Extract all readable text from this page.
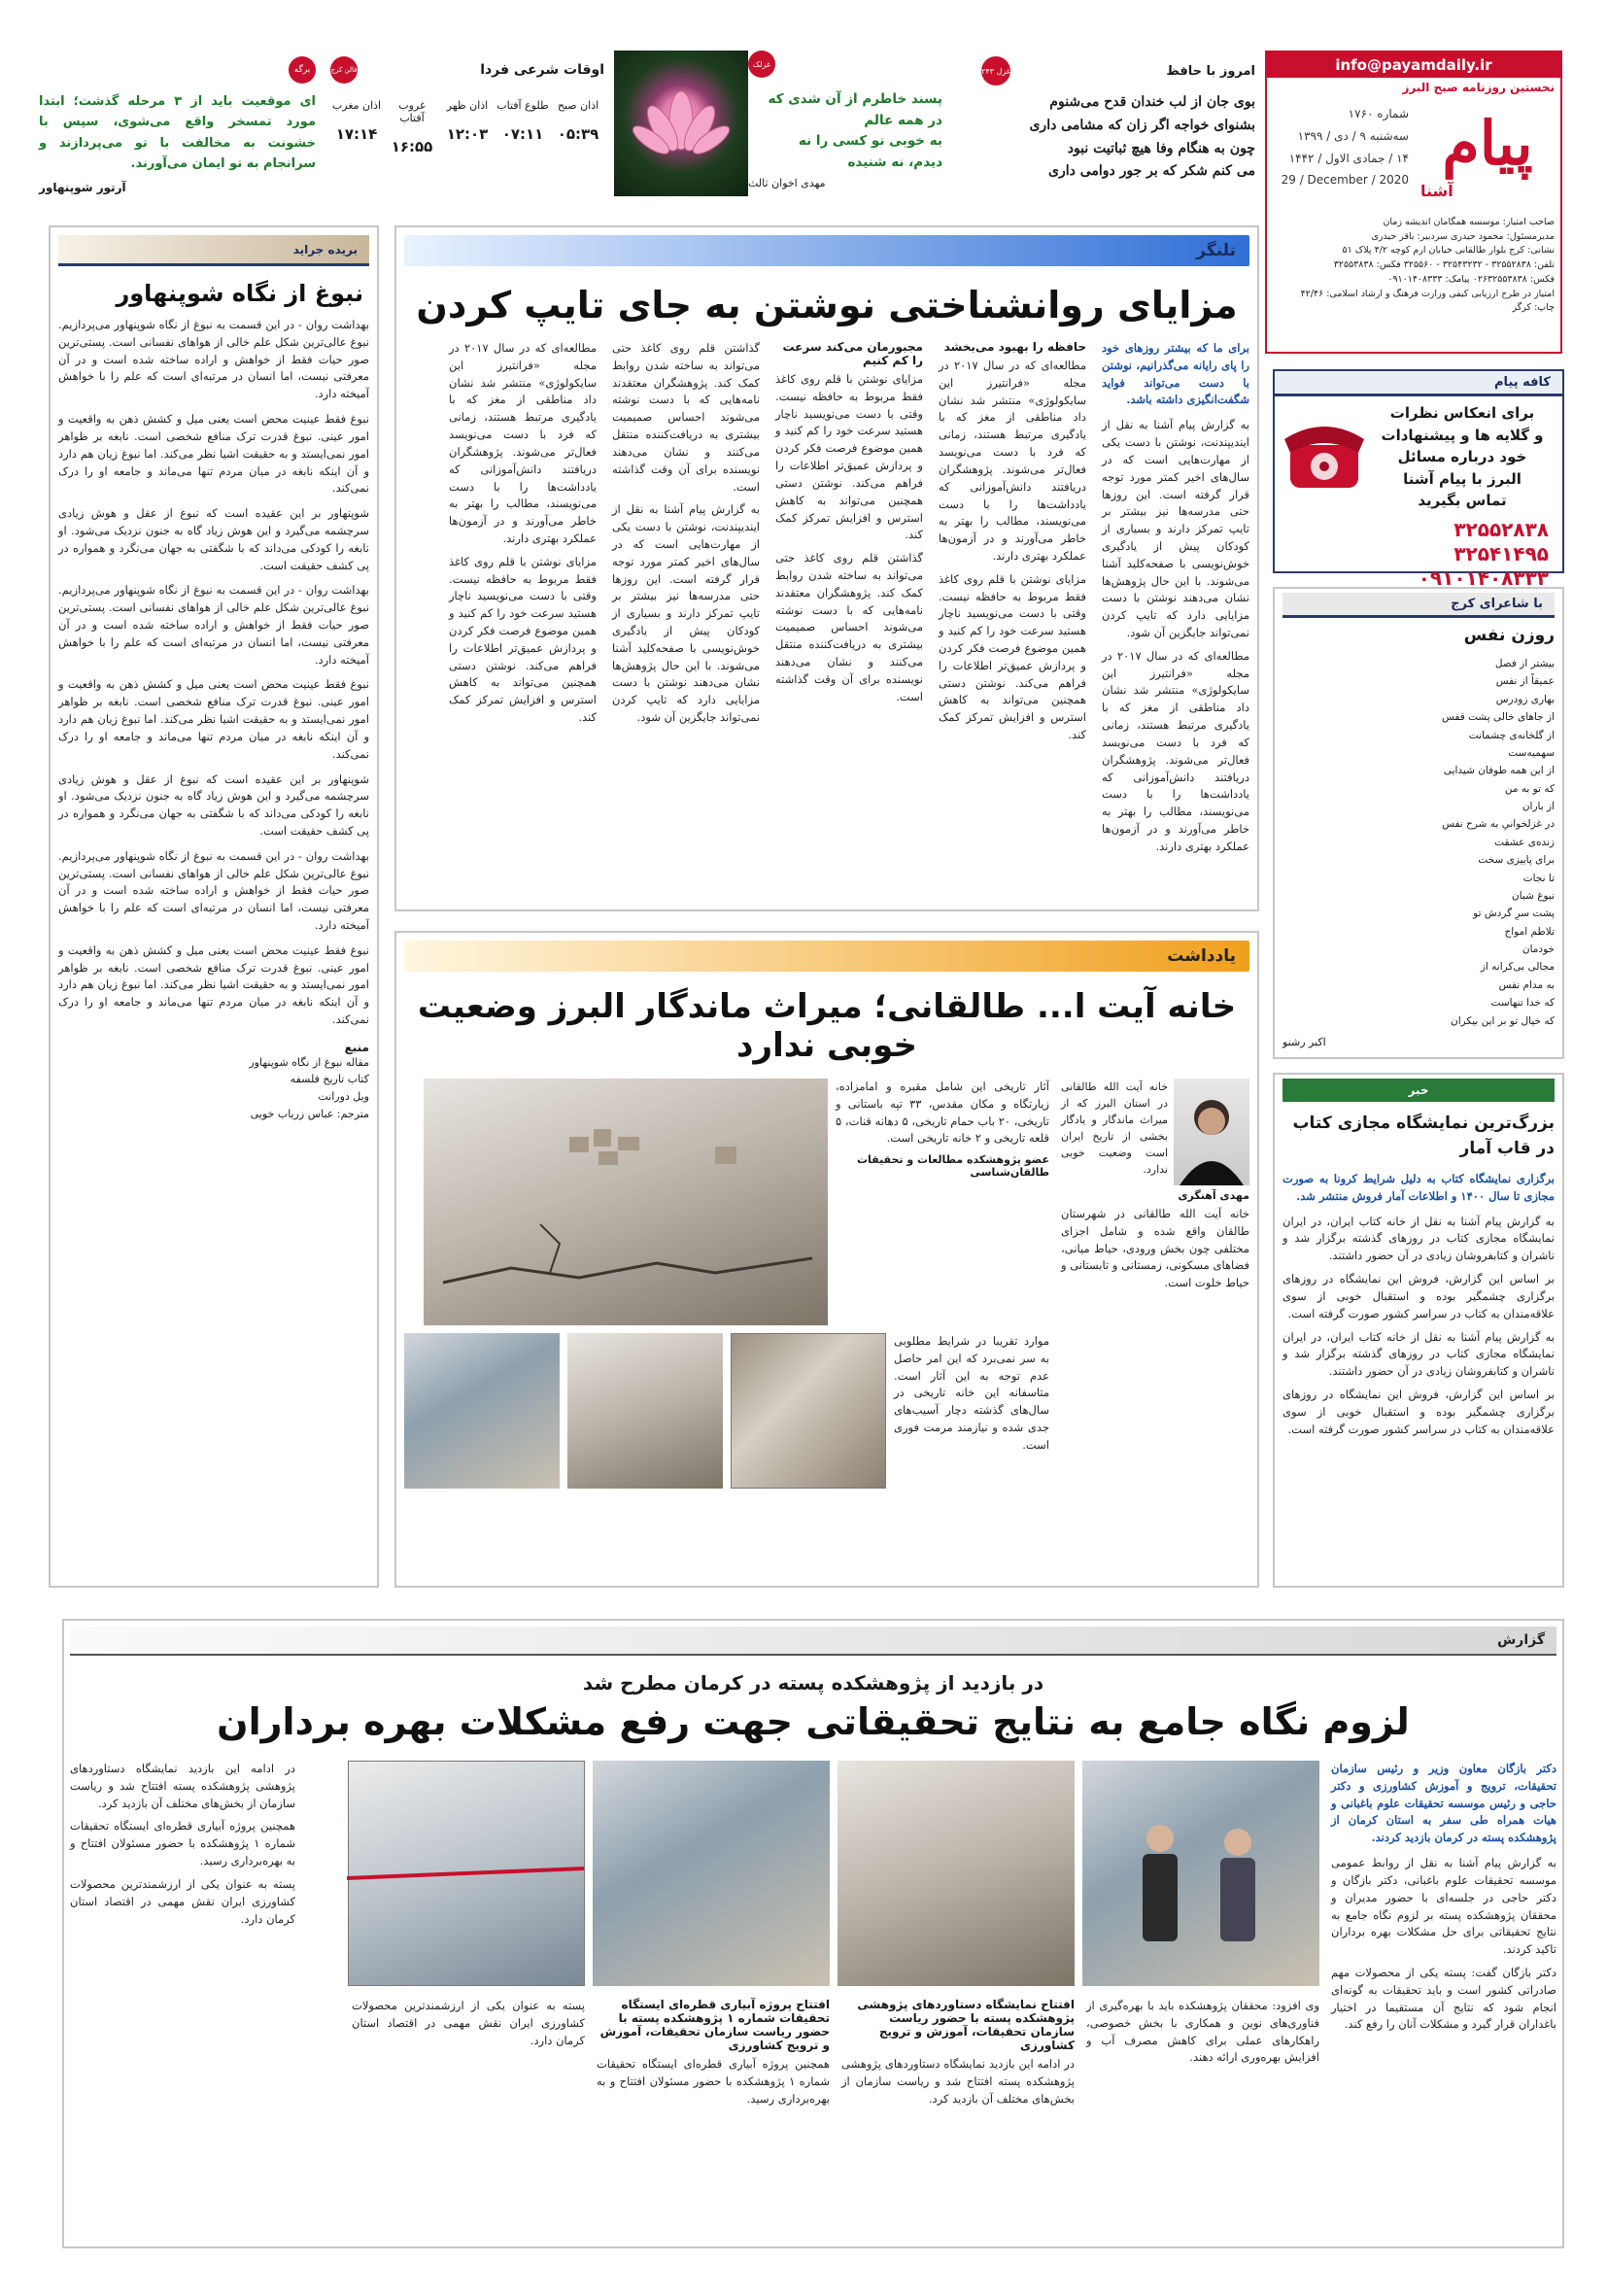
info@payamdaily.ir
نخستین روزنامه صبح البرز
پیام
آشنا
شماره ۱۷۶۰
سه‌شنبه ۹ / دی / ۱۳۹۹
۱۴ / جمادی الاول / ۱۴۴۲
29 / December / 2020
صاحب امتیاز: موسسه همگامان اندیشه زمان
مدیرمسئول: محمود حیدری سردبیر: باقر حیدری
نشانی: کرج بلوار طالقانی خیابان ارم کوچه ۴/۲ پلاک ۵۱
تلفن: ۳۲۵۵۲۸۳۸ - ۳۲۵۴۳۲۳۲ - ۳۲۵۵۶۰ فکس: ۳۲۵۵۳۸۳۸
فکس: ۰۲۶۳۲۵۵۳۸۳۸ پیامک: ۰۹۱۰۱۴۰۸۳۳۳
امتیاز در طرح ارزیابی کیفی وزارت فرهنگ و ارشاد اسلامی: ۴۲/۴۶
چاپ: کرگر
امروز با حافظ
غزل ۲۴۳
بوی جان از لب خندان قدح می‌شنوم
بشنوای خواجه اگر زان که مشامی داری
چون به هنگام وفا هیچ ثباتیت نبود
می کنم شکر که بر جور دوامی داری
غزلک
پسند خاطرم از آن شدی که
در همه عالم
به خوبی تو کسی را نه
دیدم، نه شنیده
مهدی اخوان ثالث
اوقات شرعی فردا
فالن کرج
اذان صبح
۰۵:۳۹
طلوع آفتاب
۰۷:۱۱
اذان ظهر
۱۲:۰۳
غروب آفتاب
۱۶:۵۵
اذان مغرب
۱۷:۱۴
برگه
ای موقعیت باید از ۳ مرحله گذشت؛ ابتدا مورد تمسخر واقع می‌شوی، سپس با خشونت به مخالفت با تو می‌پردازند و سرانجام به تو ایمان می‌آورند.
آرتور شوپنهاور
تلنگر
مزایای روانشناختی نوشتن به جای تایپ کردن

برای ما که بیشتر روزهای خود را پای رایانه می‌گذرانیم، نوشتن با دست می‌تواند فواید شگفت‌انگیزی داشته باشد.

به گزارش پیام آشنا به نقل از ایندیپندنت، نوشتن با دست یکی از مهارت‌هایی است که در سال‌های اخیر کمتر مورد توجه قرار گرفته است. این روزها حتی مدرسه‌ها نیز بیشتر بر تایپ تمرکز دارند و بسیاری از کودکان پیش از یادگیری خوش‌نویسی با صفحه‌کلید آشنا می‌شوند. با این حال پژوهش‌ها نشان می‌دهند نوشتن با دست مزایایی دارد که تایپ کردن نمی‌تواند جایگزین آن شود.

مطالعه‌ای که در سال ۲۰۱۷ در مجله «فرانتیرز این سایکولوژی» منتشر شد نشان داد مناطقی از مغز که با یادگیری مرتبط هستند، زمانی که فرد با دست می‌نویسد فعال‌تر می‌شوند. پژوهشگران دریافتند دانش‌آموزانی که یادداشت‌ها را با دست می‌نویسند، مطالب را بهتر به خاطر می‌آورند و در آزمون‌ها عملکرد بهتری دارند.

حافظه را بهبود می‌بخشد

مطالعه‌ای که در سال ۲۰۱۷ در مجله «فرانتیرز این سایکولوژی» منتشر شد نشان داد مناطقی از مغز که با یادگیری مرتبط هستند، زمانی که فرد با دست می‌نویسد فعال‌تر می‌شوند. پژوهشگران دریافتند دانش‌آموزانی که یادداشت‌ها را با دست می‌نویسند، مطالب را بهتر به خاطر می‌آورند و در آزمون‌ها عملکرد بهتری دارند.

مزایای نوشتن با قلم روی کاغذ فقط مربوط به حافظه نیست. وقتی با دست می‌نویسید ناچار هستید سرعت خود را کم کنید و همین موضوع فرصت فکر کردن و پردازش عمیق‌تر اطلاعات را فراهم می‌کند. نوشتن دستی همچنین می‌تواند به کاهش استرس و افزایش تمرکز کمک کند.

مجبورمان می‌کند سرعت را کم کنیم

مزایای نوشتن با قلم روی کاغذ فقط مربوط به حافظه نیست. وقتی با دست می‌نویسید ناچار هستید سرعت خود را کم کنید و همین موضوع فرصت فکر کردن و پردازش عمیق‌تر اطلاعات را فراهم می‌کند. نوشتن دستی همچنین می‌تواند به کاهش استرس و افزایش تمرکز کمک کند.

گذاشتن قلم روی کاغذ حتی می‌تواند به ساخته شدن روابط کمک کند. پژوهشگران معتقدند نامه‌هایی که با دست نوشته می‌شوند احساس صمیمیت بیشتری به دریافت‌کننده منتقل می‌کنند و نشان می‌دهند نویسنده برای آن وقت گذاشته است.

گذاشتن قلم روی کاغذ حتی می‌تواند به ساخته شدن روابط کمک کند. پژوهشگران معتقدند نامه‌هایی که با دست نوشته می‌شوند احساس صمیمیت بیشتری به دریافت‌کننده منتقل می‌کنند و نشان می‌دهند نویسنده برای آن وقت گذاشته است.

به گزارش پیام آشنا به نقل از ایندیپندنت، نوشتن با دست یکی از مهارت‌هایی است که در سال‌های اخیر کمتر مورد توجه قرار گرفته است. این روزها حتی مدرسه‌ها نیز بیشتر بر تایپ تمرکز دارند و بسیاری از کودکان پیش از یادگیری خوش‌نویسی با صفحه‌کلید آشنا می‌شوند. با این حال پژوهش‌ها نشان می‌دهند نوشتن با دست مزایایی دارد که تایپ کردن نمی‌تواند جایگزین آن شود.

مطالعه‌ای که در سال ۲۰۱۷ در مجله «فرانتیرز این سایکولوژی» منتشر شد نشان داد مناطقی از مغز که با یادگیری مرتبط هستند، زمانی که فرد با دست می‌نویسد فعال‌تر می‌شوند. پژوهشگران دریافتند دانش‌آموزانی که یادداشت‌ها را با دست می‌نویسند، مطالب را بهتر به خاطر می‌آورند و در آزمون‌ها عملکرد بهتری دارند.

مزایای نوشتن با قلم روی کاغذ فقط مربوط به حافظه نیست. وقتی با دست می‌نویسید ناچار هستید سرعت خود را کم کنید و همین موضوع فرصت فکر کردن و پردازش عمیق‌تر اطلاعات را فراهم می‌کند. نوشتن دستی همچنین می‌تواند به کاهش استرس و افزایش تمرکز کمک کند.

یادداشت
خانه آیت ا... طالقانی؛ میراث ماندگار البرز وضعیت خوبی ندارد

خانه آیت الله طالقانی در استان البرز که از میراث ماندگار و یادگار بخشی از تاریخ ایران است وضعیت خوبی ندارد.

مهدی آهنگری

خانه آیت الله طالقانی در شهرستان طالقان واقع شده و شامل اجزای مختلفی چون بخش ورودی، حیاط میانی، فضاهای مسکونی، زمستانی و تابستانی و حیاط خلوت است.

آثار تاریخی این شامل مقبره و امامزاده، زیارتگاه و مکان مقدس، ۳۳ تپه باستانی و تاریخی، ۲۰ باب حمام تاریخی، ۵ دهانه قنات، ۵ قلعه تاریخی و ۲ خانه تاریخی است.

عضو پژوهشکده مطالعات و تحقیقات طالقان‌شناسی

موارد تقریبا در شرایط مطلوبی به سر نمی‌برد که این امر حاصل عدم توجه به این آثار است. متاسفانه این خانه تاریخی در سال‌های گذشته دچار آسیب‌های جدی شده و نیازمند مرمت فوری است.

بریده جراید
نبوغ از نگاه شوپنهاور

بهداشت روان - در این قسمت به نبوغ از نگاه شوپنهاور می‌پردازیم. نبوغ عالی‌ترین شکل علم خالی از هواهای نفسانی است. پستی‌ترین صور حیات فقط از خواهش و اراده ساخته شده است و در آن معرفتی نیست، اما انسان در مرتبه‌ای است که علم را با خواهش آمیخته دارد.

نبوغ فقط عینیت محض است یعنی میل و کشش ذهن به واقعیت و امور عینی. نبوغ قدرت ترک منافع شخصی است. نابغه بر ظواهر امور نمی‌ایستد و به حقیقت اشیا نظر می‌کند. اما نبوغ زیان هم دارد و آن اینکه نابغه در میان مردم تنها می‌ماند و جامعه او را درک نمی‌کند.

شوپنهاور بر این عقیده است که نبوغ از عقل و هوش زیادی سرچشمه می‌گیرد و این هوش زیاد گاه به جنون نزدیک می‌شود. او نابغه را کودکی می‌داند که با شگفتی به جهان می‌نگرد و همواره در پی کشف حقیقت است.

بهداشت روان - در این قسمت به نبوغ از نگاه شوپنهاور می‌پردازیم. نبوغ عالی‌ترین شکل علم خالی از هواهای نفسانی است. پستی‌ترین صور حیات فقط از خواهش و اراده ساخته شده است و در آن معرفتی نیست، اما انسان در مرتبه‌ای است که علم را با خواهش آمیخته دارد.

نبوغ فقط عینیت محض است یعنی میل و کشش ذهن به واقعیت و امور عینی. نبوغ قدرت ترک منافع شخصی است. نابغه بر ظواهر امور نمی‌ایستد و به حقیقت اشیا نظر می‌کند. اما نبوغ زیان هم دارد و آن اینکه نابغه در میان مردم تنها می‌ماند و جامعه او را درک نمی‌کند.

شوپنهاور بر این عقیده است که نبوغ از عقل و هوش زیادی سرچشمه می‌گیرد و این هوش زیاد گاه به جنون نزدیک می‌شود. او نابغه را کودکی می‌داند که با شگفتی به جهان می‌نگرد و همواره در پی کشف حقیقت است.

بهداشت روان - در این قسمت به نبوغ از نگاه شوپنهاور می‌پردازیم. نبوغ عالی‌ترین شکل علم خالی از هواهای نفسانی است. پستی‌ترین صور حیات فقط از خواهش و اراده ساخته شده است و در آن معرفتی نیست، اما انسان در مرتبه‌ای است که علم را با خواهش آمیخته دارد.

نبوغ فقط عینیت محض است یعنی میل و کشش ذهن به واقعیت و امور عینی. نبوغ قدرت ترک منافع شخصی است. نابغه بر ظواهر امور نمی‌ایستد و به حقیقت اشیا نظر می‌کند. اما نبوغ زیان هم دارد و آن اینکه نابغه در میان مردم تنها می‌ماند و جامعه او را درک نمی‌کند.

منبع
مقاله نبوغ از نگاه شوپنهاور
کتاب تاریخ فلسفه
ویل دورانت
مترجم: عباس زریاب خویی
کافه پیام
برای انعکاس نظرات
و گلایه ها و پیشنهادات
خود درباره مسائل
البرز با پیام آشنا
تماس بگیرید
۳۲۵۵۲۸۳۸
۳۲۵۴۱۴۹۵
۰۹۱۰۱۴۰۸۳۳۳
با شاعرای کرج
روزن نفس
بیشتر از فصل
عمیقاً از نفس
بهاری زودرس
از جاهای خالی پشت قفس
از گلخانه‌ی چشمانت
سهمیه‌ست
از این همه طوفان شیدایی
که تو به من
از باران
در غزلخوانیِ به شرح نفس
زنده‌ی عشقت
برای پاییزی سخت
تا نجات
نبوغ شبان
پشت سرِ گردش تو
تلاطم امواج
خودمان
مجالی بی‌کرانه از
به مدام نفس
که خدا تنهاست
که خیال تو بر این بیکران
اکبر رشنو
خبر
بزرگ‌ترین نمایشگاه مجازی کتاب در قاب آمار

برگزاری نمایشگاه کتاب به دلیل شرایط کرونا به صورت مجازی تا سال ۱۴۰۰ و اطلاعات آمار فروش منتشر شد.

به گزارش پیام آشنا به نقل از خانه کتاب ایران، در ایران نمایشگاه مجازی کتاب در روزهای گذشته برگزار شد و ناشران و کتابفروشان زیادی در آن حضور داشتند.

بر اساس این گزارش، فروش این نمایشگاه در روزهای برگزاری چشمگیر بوده و استقبال خوبی از سوی علاقه‌مندان به کتاب در سراسر کشور صورت گرفته است.

به گزارش پیام آشنا به نقل از خانه کتاب ایران، در ایران نمایشگاه مجازی کتاب در روزهای گذشته برگزار شد و ناشران و کتابفروشان زیادی در آن حضور داشتند.

بر اساس این گزارش، فروش این نمایشگاه در روزهای برگزاری چشمگیر بوده و استقبال خوبی از سوی علاقه‌مندان به کتاب در سراسر کشور صورت گرفته است.

گزارش
در بازدید از پژوهشکده پسته در کرمان مطرح شد
لزوم نگاه جامع به نتایج تحقیقاتی جهت رفع مشکلات بهره برداران

دکتر بازگان معاون وزیر و رئیس سازمان تحقیقات، ترویج و آموزش کشاورزی و دکتر حاجی و رئیس موسسه تحقیقات علوم باغبانی و هیات همراه طی سفر به استان کرمان از پژوهشکده پسته در کرمان بازدید کردند.

به گزارش پیام آشنا به نقل از روابط عمومی موسسه تحقیقات علوم باغبانی، دکتر بازگان و دکتر حاجی در جلسه‌ای با حضور مدیران و محققان پژوهشکده پسته بر لزوم نگاه جامع به نتایج تحقیقاتی برای حل مشکلات بهره برداران تاکید کردند.

دکتر بازگان گفت: پسته یکی از محصولات مهم صادراتی کشور است و باید تحقیقات به گونه‌ای انجام شود که نتایج آن مستقیما در اختیار باغداران قرار گیرد و مشکلات آنان را رفع کند.

وی افزود: محققان پژوهشکده باید با بهره‌گیری از فناوری‌های نوین و همکاری با بخش خصوصی، راهکارهای عملی برای کاهش مصرف آب و افزایش بهره‌وری ارائه دهند.

افتتاح نمایشگاه دستاوردهای پژوهشی پژوهشکده پسته با حضور ریاست سازمان تحقیقات، آموزش و ترویج کشاورزی

در ادامه این بازدید نمایشگاه دستاوردهای پژوهشی پژوهشکده پسته افتتاح شد و ریاست سازمان از بخش‌های مختلف آن بازدید کرد.

افتتاح پروژه آبیاری قطره‌ای ایستگاه تحقیقات شماره ۱ پژوهشکده پسته با حضور ریاست سازمان تحقیقات، آموزش و ترویج کشاورزی

همچنین پروژه آبیاری قطره‌ای ایستگاه تحقیقات شماره ۱ پژوهشکده با حضور مسئولان افتتاح و به بهره‌برداری رسید.

پسته به عنوان یکی از ارزشمندترین محصولات کشاورزی ایران نقش مهمی در اقتصاد استان کرمان دارد.

در ادامه این بازدید نمایشگاه دستاوردهای پژوهشی پژوهشکده پسته افتتاح شد و ریاست سازمان از بخش‌های مختلف آن بازدید کرد.

همچنین پروژه آبیاری قطره‌ای ایستگاه تحقیقات شماره ۱ پژوهشکده با حضور مسئولان افتتاح و به بهره‌برداری رسید.

پسته به عنوان یکی از ارزشمندترین محصولات کشاورزی ایران نقش مهمی در اقتصاد استان کرمان دارد.
